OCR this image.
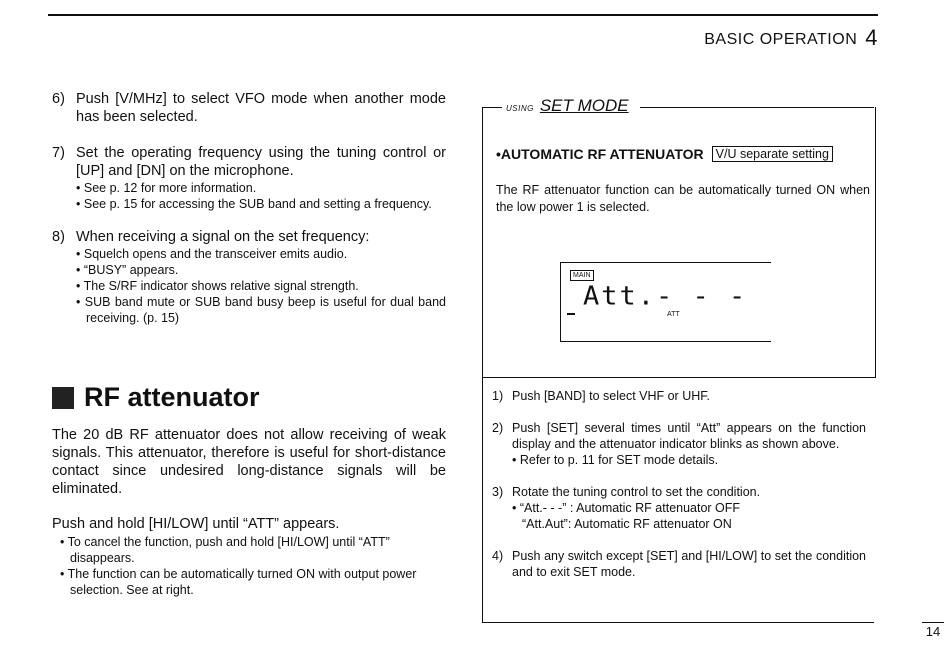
BASIC OPERATION 4
6) Push [V/MHz] to select VFO mode when another mode has been selected.
7) Set the operating frequency using the tuning control or [UP] and [DN] on the microphone.
• See p. 12 for more information.
• See p. 15 for accessing the SUB band and setting a frequency.
8) When receiving a signal on the set frequency:
• Squelch opens and the transceiver emits audio.
• “BUSY” appears.
• The S/RF indicator shows relative signal strength.
• SUB band mute or SUB band busy beep is useful for dual band receiving. (p. 15)
RF attenuator

The 20 dB RF attenuator does not allow receiving of weak signals. This attenuator, therefore is useful for short-distance contact since undesired long-distance signals will be eliminated.

Push and hold [HI/LOW] until “ATT” appears.
• To cancel the function, push and hold [HI/LOW] until “ATT” disappears.
• The function can be automatically turned ON with output power selection. See at right.
USING SET MODE
• AUTOMATIC RF ATTENUATOR V/U separate setting
The RF attenuator function can be automatically turned ON when the low power 1 is selected.
MAIN
Att.- - -
ATT
1) Push [BAND] to select VHF or UHF.
2) Push [SET] several times until “Att” appears on the function display and the attenuator indicator blinks as shown above.
• Refer to p. 11 for SET mode details.
3) Rotate the tuning control to set the condition.
• “Att.- - -” : Automatic RF attenuator OFF
“Att.Aut”: Automatic RF attenuator ON
4) Push any switch except [SET] and [HI/LOW] to set the condition and to exit SET mode.
14
